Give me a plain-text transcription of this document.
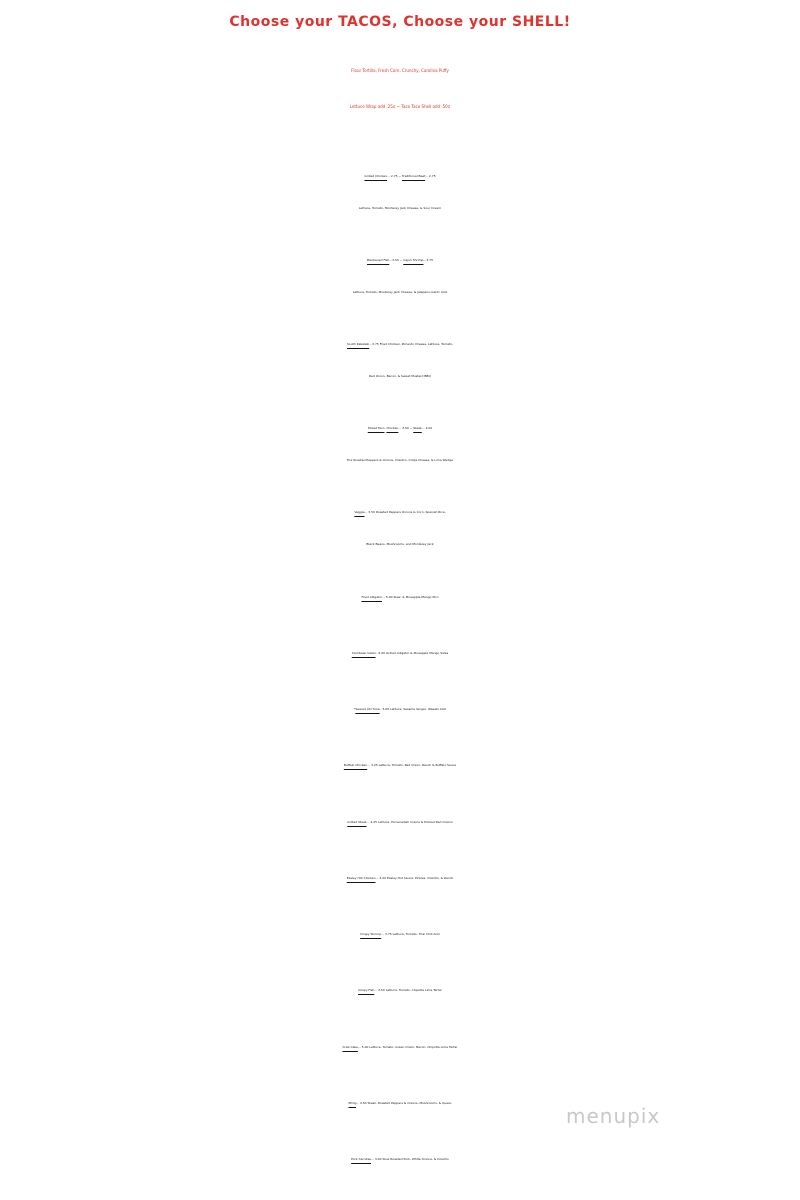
Choose your TACOS, Choose your SHELL!
Flour Tortilla, Fresh Corn, Crunchy, Carolina Puffy
Lettuce Wrap add .25¢ ~ Taco Taco Shell add .50¢
Grilled Chicken... 2.75 ~ Traditional Beef... 2.75
Lettuce, Tomato, Monterey Jack Cheese, & Sour Cream
Blackened Fish...3.50 ~ Cajun Shrimp...3.75
Lettuce, Tomato, Monterey Jack Cheese, & Jalapeno-Garlic Aioli
South Kakalaki...3.75 Fried Chicken, Pimento Cheese, Lettuce, Tomato,
Red Onion, Bacon, & Sweet Mustard BBQ
Street Taco: Chicken... 3.50 ~ Steak... 4.00
Fire Roasted Peppers & Onions, Cilantro, Cotija Cheese, & Lime Wedge
Veggie... 3.50 Roasted Peppers Onions & Corn, Spanish Rice,
Black Beans, Mushrooms, and Monterey Jack
Fried Alligator... 5.00 Slaw, & Pineapple-Mango Pico
Carribean Gator...5.00 Grilled Alligator & Pineapple Mango Salsa
*Seared Ahi Tuna.. 5.00 Lettuce, Sesame Ginger, Wasabi Aioli
Buffalo Chicken... 3.25 Lettuce, Tomato, Red Onion, Ranch & Buffalo Sauce
Grilled Steak... 4.25 Lettuce, Horseradish Crema & Pickled Red Onions
Easley Hot Chicken... 3.00 Easley Hot Sauce, Pickles, Cilantro, & Ranch
Crispy Shrimp... 3.75 Lettuce, Tomato, Thai Chili Aioli
Crispy Fish... 3.50 Lettuce, Tomato, Chipotle Lime Tartar
Crab Cake... 5.00 Lettuce, Tomato, Green Onion, Bacon, Chipotle Lime Tartar
Philly... 4.50 Steak, Roasted Peppers & Onions, Mushrooms, & Queso
Pork Carnitas... 3.00 Slow Roasted Pork, White Onions, & Cilantro
menupix
